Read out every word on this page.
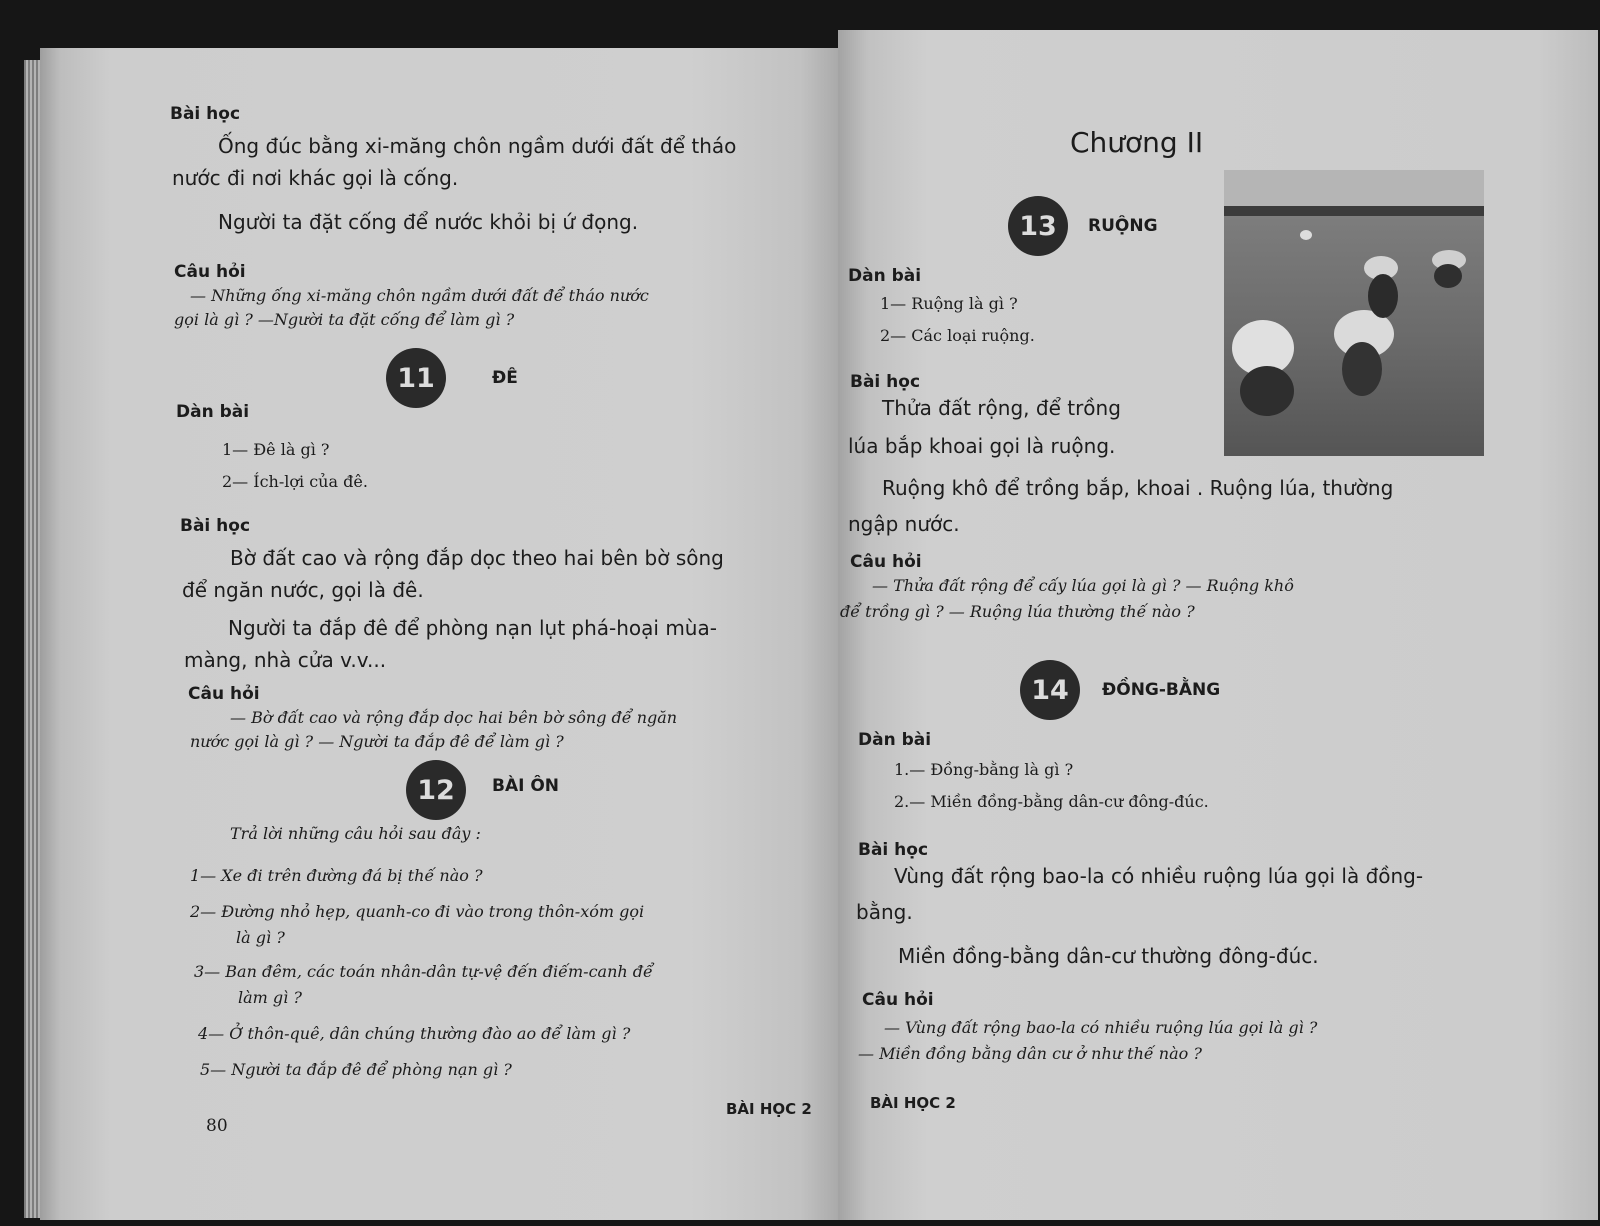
Bài học
Ống đúc bằng xi-măng chôn ngầm dưới đất để tháo
nước đi nơi khác gọi là cống.
Người ta đặt cống để nước khỏi bị ứ đọng.
Câu hỏi
— Những ống xi-măng chôn ngầm dưới đất để tháo nước
gọi là gì ? —Người ta đặt cống để làm gì ?
11	ĐÊ
Dàn bài
1— Đê là gì ?
2— Ích-lợi của đê.
Bài học
Bờ đất cao và rộng đắp dọc theo hai bên bờ sông
để ngăn nước, gọi là đê.
Người ta đắp đê để phòng nạn lụt phá-hoại mùa-
màng, nhà cửa v.v...
Câu hỏi
— Bờ đất cao và rộng đắp dọc hai bên bờ sông để ngăn
nước gọi là gì ? — Người ta đắp đê để làm gì ?
12	BÀI ÔN
Trả lời những câu hỏi sau đây :
1— Xe đi trên đường đá bị thế nào ?
2— Đường nhỏ hẹp, quanh-co đi vào trong thôn-xóm gọi
là gì ?
3— Ban đêm, các toán nhân-dân tự-vệ đến điếm-canh để
làm gì ?
4— Ở thôn-quê, dân chúng thường đào ao để làm gì ?
5— Người ta đắp đê để phòng nạn gì ?
80
BÀI HỌC 2
Chương II
13	RUỘNG
Dàn bài
1— Ruộng là gì ?
2— Các loại ruộng.
Bài học
Thửa đất rộng, để trồng
lúa bắp khoai gọi là ruộng.
Ruộng khô để trồng bắp, khoai . Ruộng lúa, thường
ngập nước.
Câu hỏi
— Thửa đất rộng để cấy lúa gọi là gì ? — Ruộng khô
để trồng gì ? — Ruộng lúa thường thế nào ?
14	ĐỒNG-BẰNG
Dàn bài
1.— Đồng-bằng là gì ?
2.— Miền đồng-bằng dân-cư đông-đúc.
Bài học
Vùng đất rộng bao-la có nhiều ruộng lúa gọi là đồng-
bằng.
Miền đồng-bằng dân-cư thường đông-đúc.
Câu hỏi
— Vùng đất rộng bao-la có nhiều ruộng lúa gọi là gì ?
— Miền đồng bằng dân cư ở như thế nào ?
BÀI HỌC 2
